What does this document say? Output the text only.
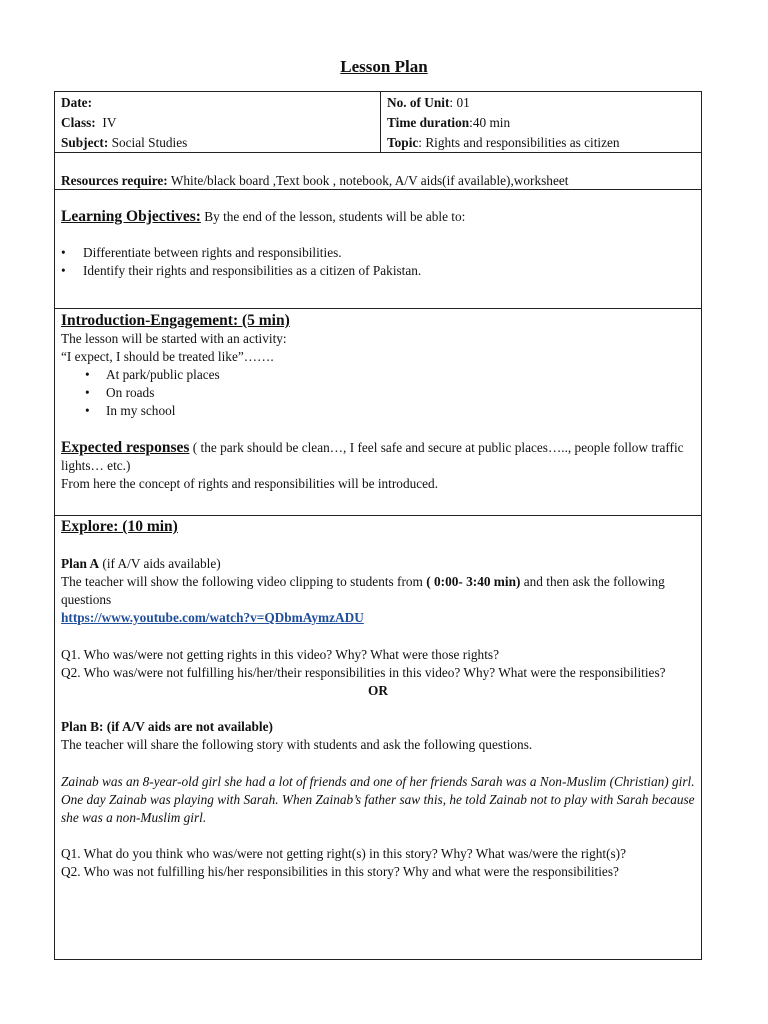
Lesson Plan
Date:
Class: IV
Subject: Social Studies
No. of Unit: 01
Time duration:40 min
Topic: Rights and responsibilities as citizen
Resources require: White/black board ,Text book , notebook, A/V aids(if available),worksheet
Learning Objectives: By the end of the lesson, students will be able to:
• Differentiate between rights and responsibilities.
• Identify their rights and responsibilities as a citizen of Pakistan.
Introduction-Engagement: (5 min)
The lesson will be started with an activity:
“I expect, I should be treated like”…….
• At park/public places
• On roads
• In my school
Expected responses ( the park should be clean…, I feel safe and secure at public places….., people follow traffic lights… etc.)
From here the concept of rights and responsibilities will be introduced.
Explore: (10 min)
Plan A (if A/V aids available)
The teacher will show the following video clipping to students from ( 0:00- 3:40 min) and then ask the following questions
https://www.youtube.com/watch?v=QDbmAymzADU
Q1. Who was/were not getting rights in this video? Why? What were those rights?
Q2. Who was/were not fulfilling his/her/their responsibilities in this video? Why? What were the responsibilities?
OR
Plan B: (if A/V aids are not available)
The teacher will share the following story with students and ask the following questions.
Zainab was an 8-year-old girl she had a lot of friends and one of her friends Sarah was a Non-Muslim (Christian) girl. One day Zainab was playing with Sarah. When Zainab’s father saw this, he told Zainab not to play with Sarah because she was a non-Muslim girl.
Q1. What do you think who was/were not getting right(s) in this story? Why? What was/were the right(s)?
Q2. Who was not fulfilling his/her responsibilities in this story? Why and what were the responsibilities?
